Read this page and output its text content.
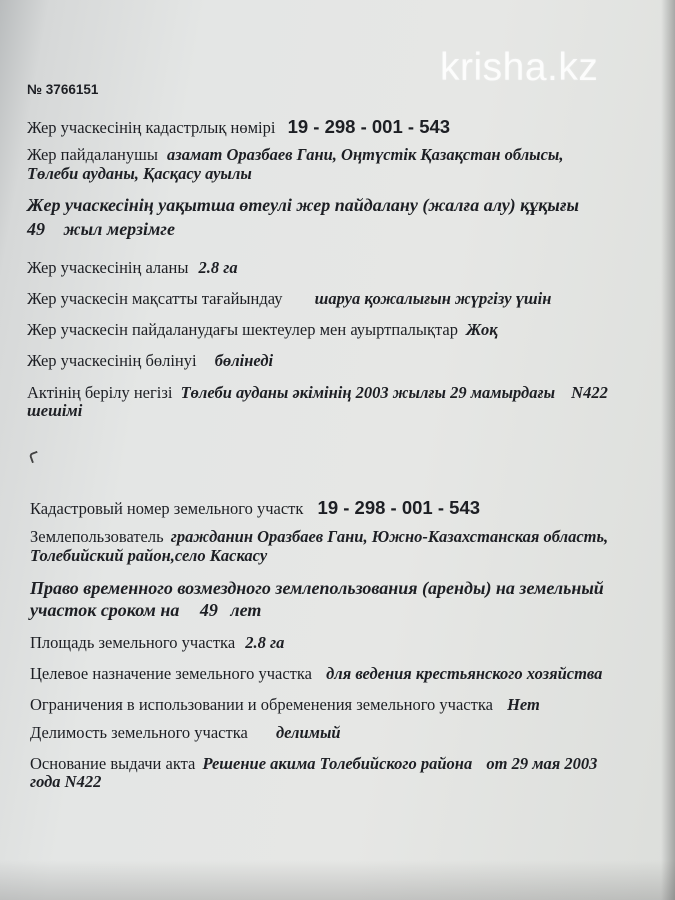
krisha.kz
№ 3766151
Жер учаскесінің кадастрлық нөмірі 19 - 298 - 001 - 543
Жер пайдаланушы азамат Оразбаев Гани, Оңтүстік Қазақстан облысы,
Төлеби ауданы, Қасқасу ауылы
Жер учаскесінің уақытша өтеулі жер пайдалану (жалға алу) құқығы
49 жыл мерзімге
Жер учаскесінің аланы 2.8 га
Жер учаскесін мақсатты тағайындау шаруа қожалығын жүргізу үшін
Жер учаскесін пайдаланудағы шектеулер мен ауыртпалықтар Жоқ
Жер учаскесінің бөлінуі бөлінеді
Актінің берілу негізі Төлеби ауданы әкімінің 2003 жылғы 29 мамырдағы N422
шешімі
Кадастровый номер земельного участк 19 - 298 - 001 - 543
Землепользователь гражданин Оразбаев Гани, Южно-Казахстанская область,
Толебийский район,село Каскасу
Право временного возмездного землепользования (аренды) на земельный
участок сроком на 49 лет
Площадь земельного участка 2.8 га
Целевое назначение земельного участка для ведения крестьянского хозяйства
Ограничения в использовании и обременения земельного участка Нет
Делимость земельного участка делимый
Основание выдачи акта Решение акима Толебийского района от 29 мая 2003
года N422
